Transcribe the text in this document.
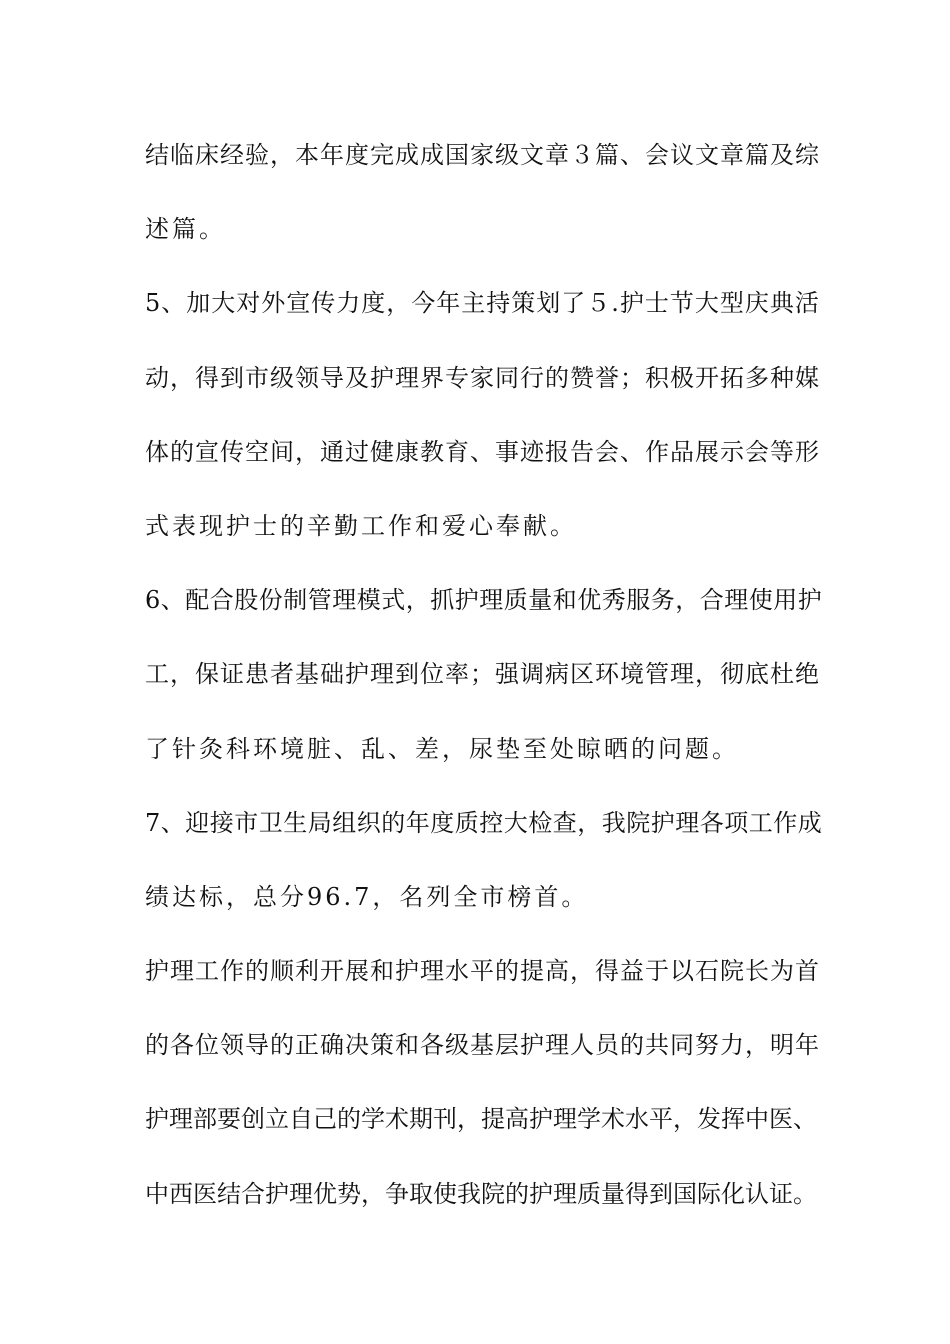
结临床经验，本年度完成成国家级文章３篇、会议文章篇及综
述篇。
5、加大对外宣传力度，今年主持策划了５.护士节大型庆典活
动，得到市级领导及护理界专家同行的赞誉；积极开拓多种媒
体的宣传空间，通过健康教育、事迹报告会、作品展示会等形
式表现护士的辛勤工作和爱心奉献。
6、配合股份制管理模式，抓护理质量和优秀服务，合理使用护
工，保证患者基础护理到位率；强调病区环境管理，彻底杜绝
了针灸科环境脏、乱、差，尿垫至处晾晒的问题。
7、迎接市卫生局组织的年度质控大检查，我院护理各项工作成
绩达标，总分96.7，名列全市榜首。
护理工作的顺利开展和护理水平的提高，得益于以石院长为首
的各位领导的正确决策和各级基层护理人员的共同努力，明年
护理部要创立自己的学术期刊，提高护理学术水平，发挥中医、
中西医结合护理优势，争取使我院的护理质量得到国际化认证。
